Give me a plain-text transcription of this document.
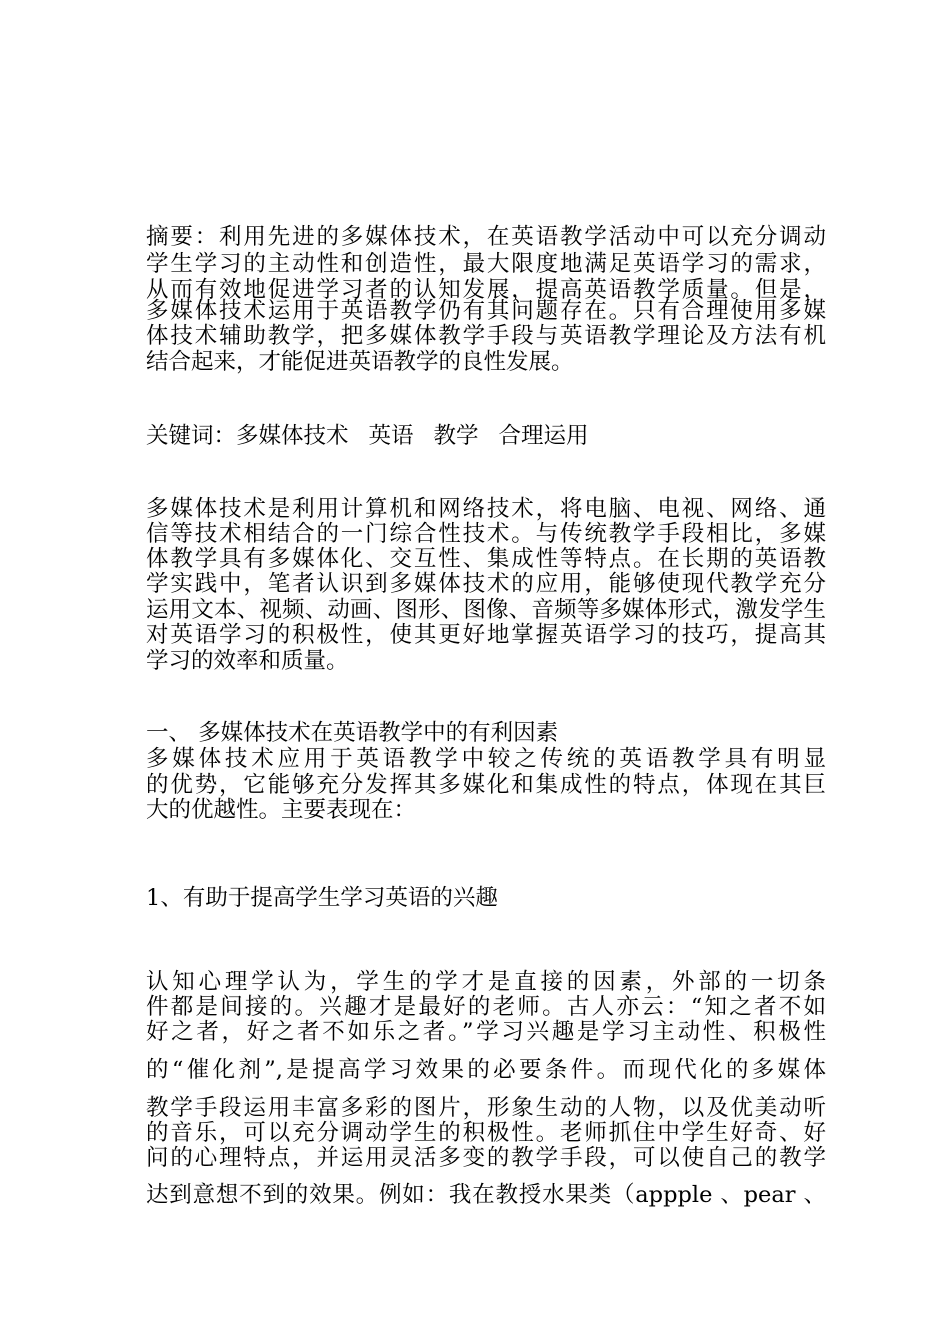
摘要：利用先进的多媒体技术，在英语教学活动中可以充分调动
学生学习的主动性和创造性，最大限度地满足英语学习的需求，
从而有效地促进学习者的认知发展，提高英语教学质量。但是，
多媒体技术运用于英语教学仍有其问题存在。只有合理使用多媒
体技术辅助教学，把多媒体教学手段与英语教学理论及方法有机
结合起来，才能促进英语教学的良性发展。
关键词：多媒体技术 英语 教学 合理运用
多媒体技术是利用计算机和网络技术，将电脑、电视、网络、通
信等技术相结合的一门综合性技术。与传统教学手段相比，多媒
体教学具有多媒体化、交互性、集成性等特点。在长期的英语教
学实践中，笔者认识到多媒体技术的应用，能够使现代教学充分
运用文本、视频、动画、图形、图像、音频等多媒体形式，激发学生
对英语学习的积极性，使其更好地掌握英语学习的技巧，提高其
学习的效率和质量。
一、 多媒体技术在英语教学中的有利因素
多媒体技术应用于英语教学中较之传统的英语教学具有明显
的优势，它能够充分发挥其多媒化和集成性的特点，体现在其巨
大的优越性。主要表现在：
1、有助于提高学生学习英语的兴趣
认知心理学认为，学生的学才是直接的因素，外部的一切条
件都是间接的。兴趣才是最好的老师。古人亦云：“知之者不如
好之者，好之者不如乐之者。”学习兴趣是学习主动性、积极性
的“催化剂”,是提高学习效果的必要条件。而现代化的多媒体
教学手段运用丰富多彩的图片，形象生动的人物，以及优美动听
的音乐，可以充分调动学生的积极性。老师抓住中学生好奇、好
问的心理特点，并运用灵活多变的教学手段，可以使自己的教学
达到意想不到的效果。例如：我在教授水果类（appple 、pear 、
